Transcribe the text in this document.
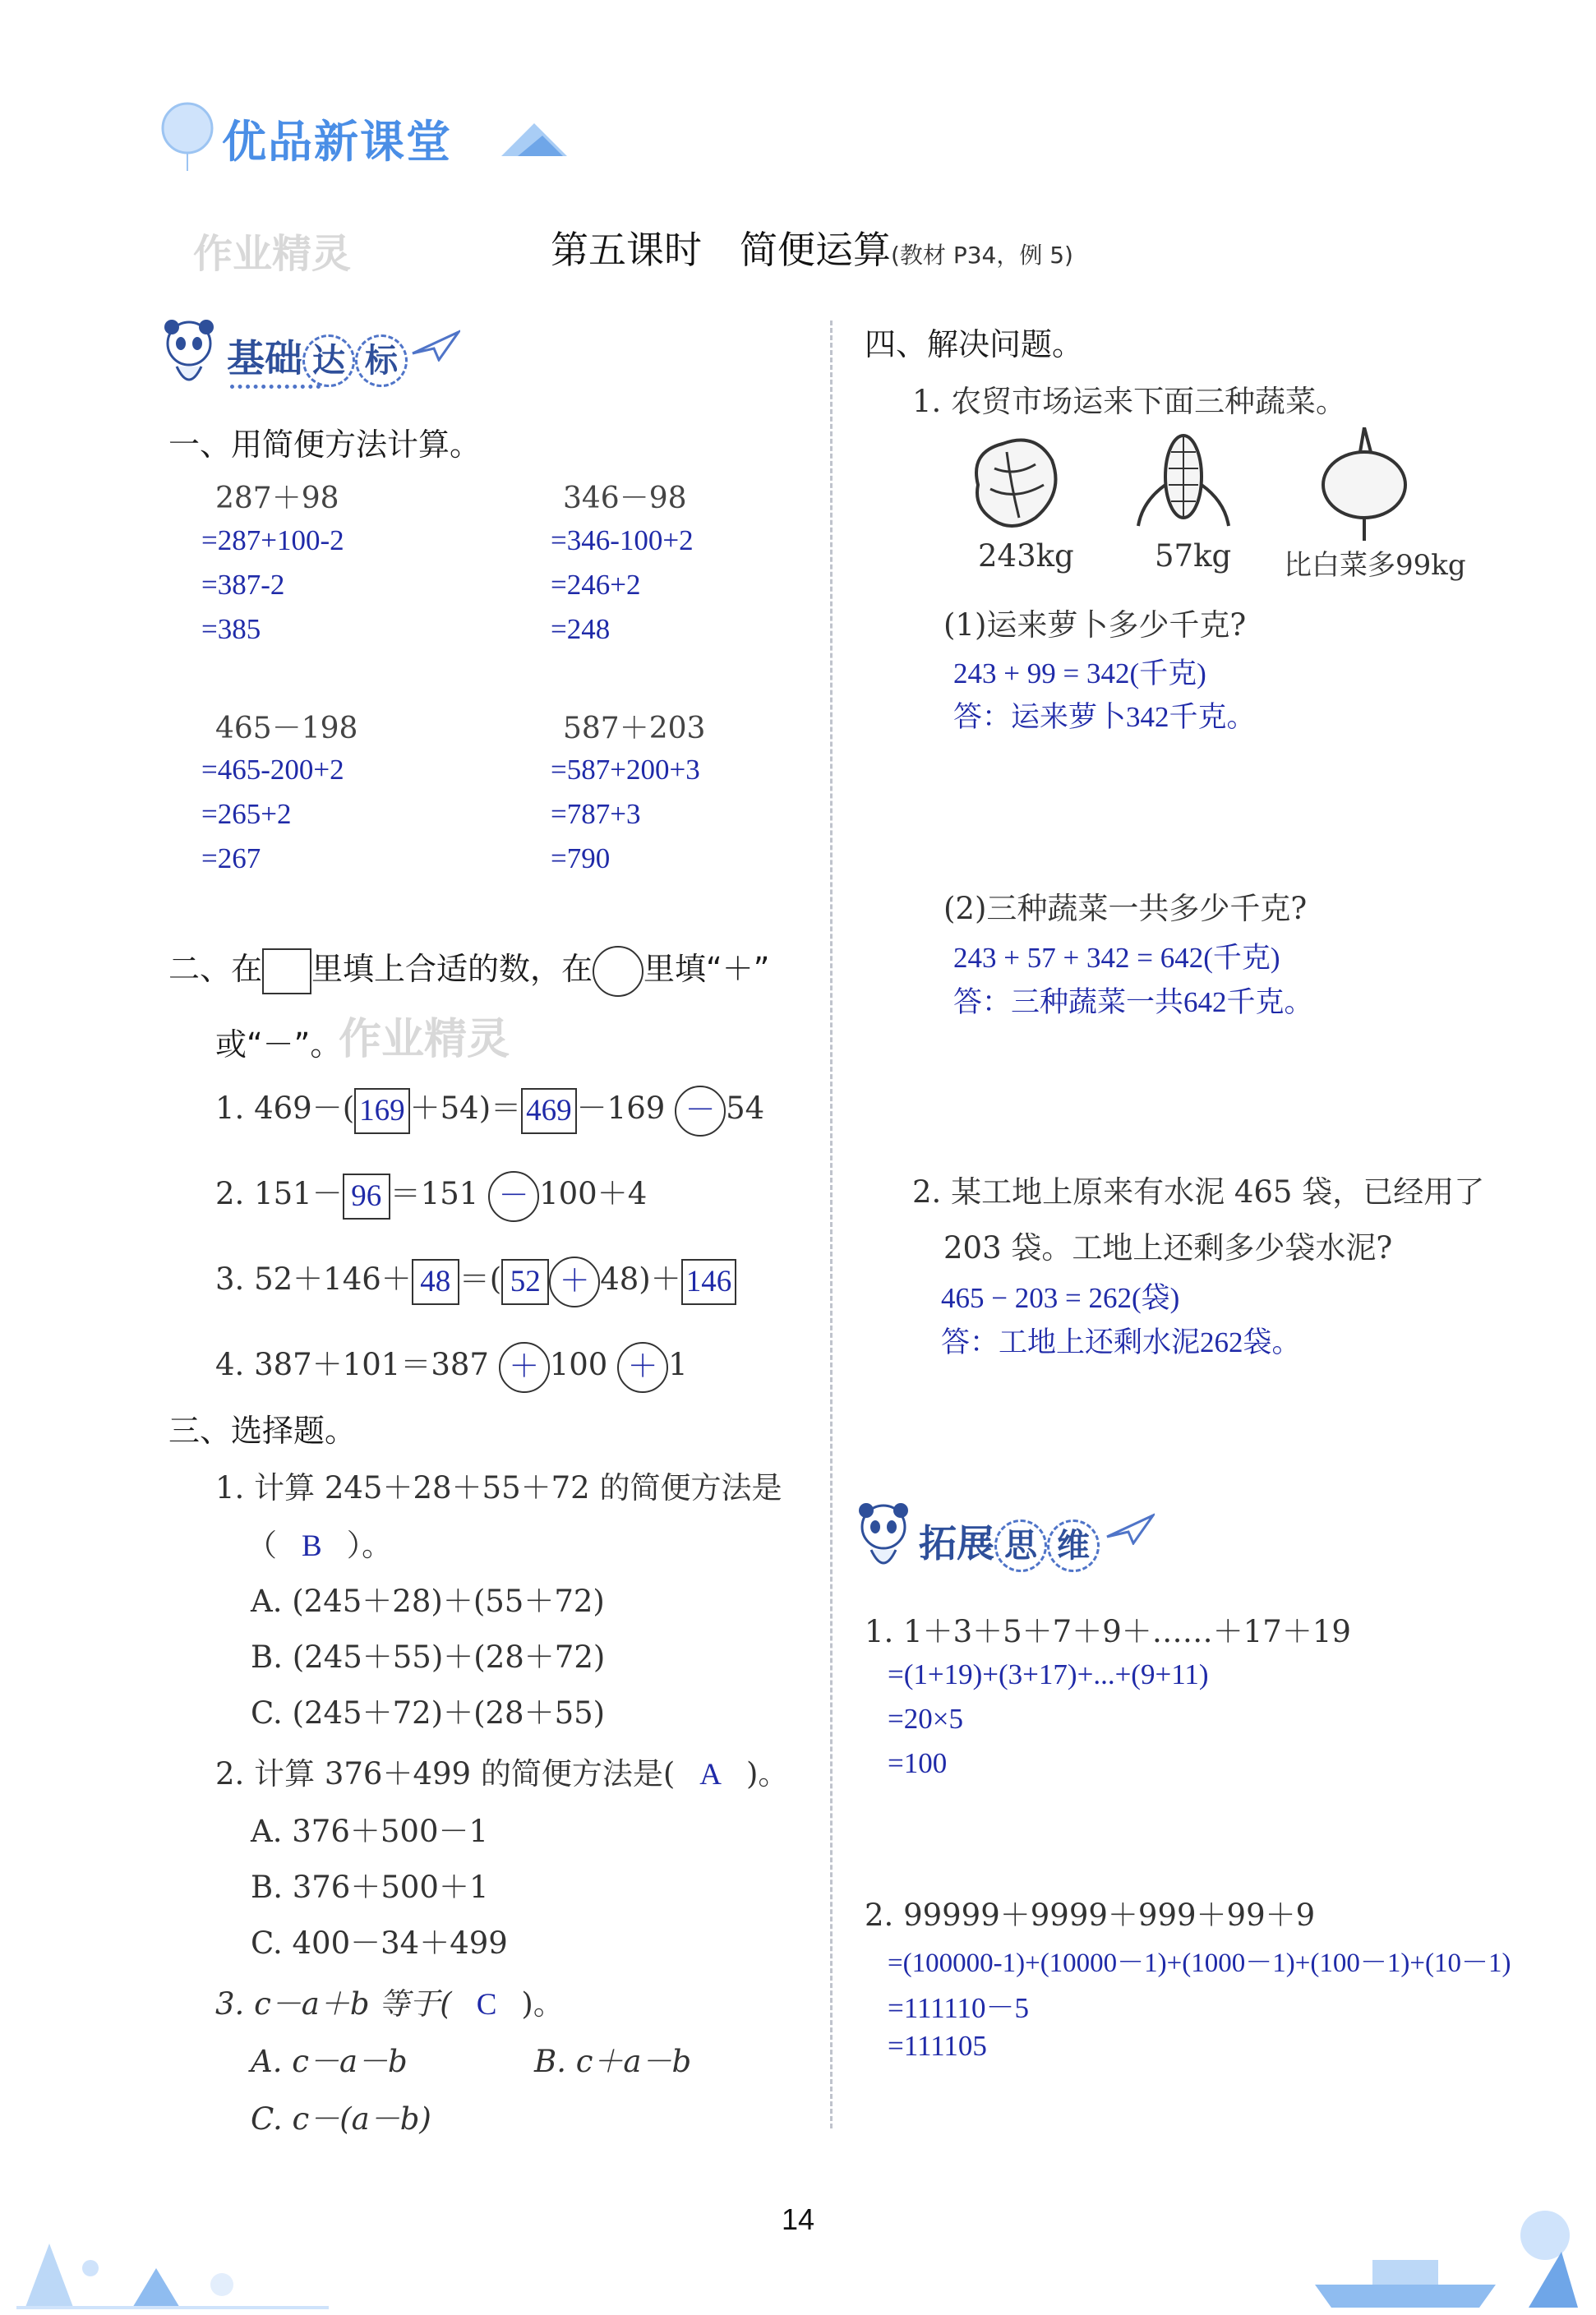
优品新课堂
作业精灵	第五课时　简便运算(教材 P34，例 5)
基础 达 标
一、用简便方法计算。
287＋98
=287+100-2
=387-2
=385
346－98
=346-100+2
=246+2
=248
465－198
=465-200+2
=265+2
=267
587＋203
=587+200+3
=787+3
=790
二、在 里填上合适的数，在 里填“＋”
或“－”。
作业精灵
1. 469－( 169 ＋54)＝ 469 －169 － 54
2. 151－ 96 ＝151 － 100＋4
3. 52＋146＋ 48 ＝( 52 ＋ 48)＋ 146
4. 387＋101＝387 ＋ 100 ＋ 1
三、选择题。
1. 计算 245＋28＋55＋72 的简便方法是
（ B ）。
A. (245＋28)＋(55＋72)
B. (245＋55)＋(28＋72)
C. (245＋72)＋(28＋55)
2. 计算 376＋499 的简便方法是( A )。
A. 376＋500－1
B. 376＋500＋1
C. 400－34＋499
3. c－a＋b 等于( C )。
A. c－a－b	B. c＋a－b
C. c－(a－b)
四、解决问题。
1. 农贸市场运来下面三种蔬菜。
243kg	57kg 比白菜多99kg
(1)运来萝卜多少千克?
243 + 99 = 342(千克)
答：运来萝卜342千克。
(2)三种蔬菜一共多少千克?
243 + 57 + 342 = 642(千克)
答：三种蔬菜一共642千克。
2. 某工地上原来有水泥 465 袋，已经用了
203 袋。工地上还剩多少袋水泥?
465 − 203 = 262(袋)
答：工地上还剩水泥262袋。
拓展 思 维
1. 1＋3＋5＋7＋9＋……＋17＋19
=(1+19)+(3+17)+...+(9+11)
=20×5
=100
2. 99999＋9999＋999＋99＋9
=(100000-1)+(10000－1)+(1000－1)+(100－1)+(10－1)
=111110－5
=111105
14
